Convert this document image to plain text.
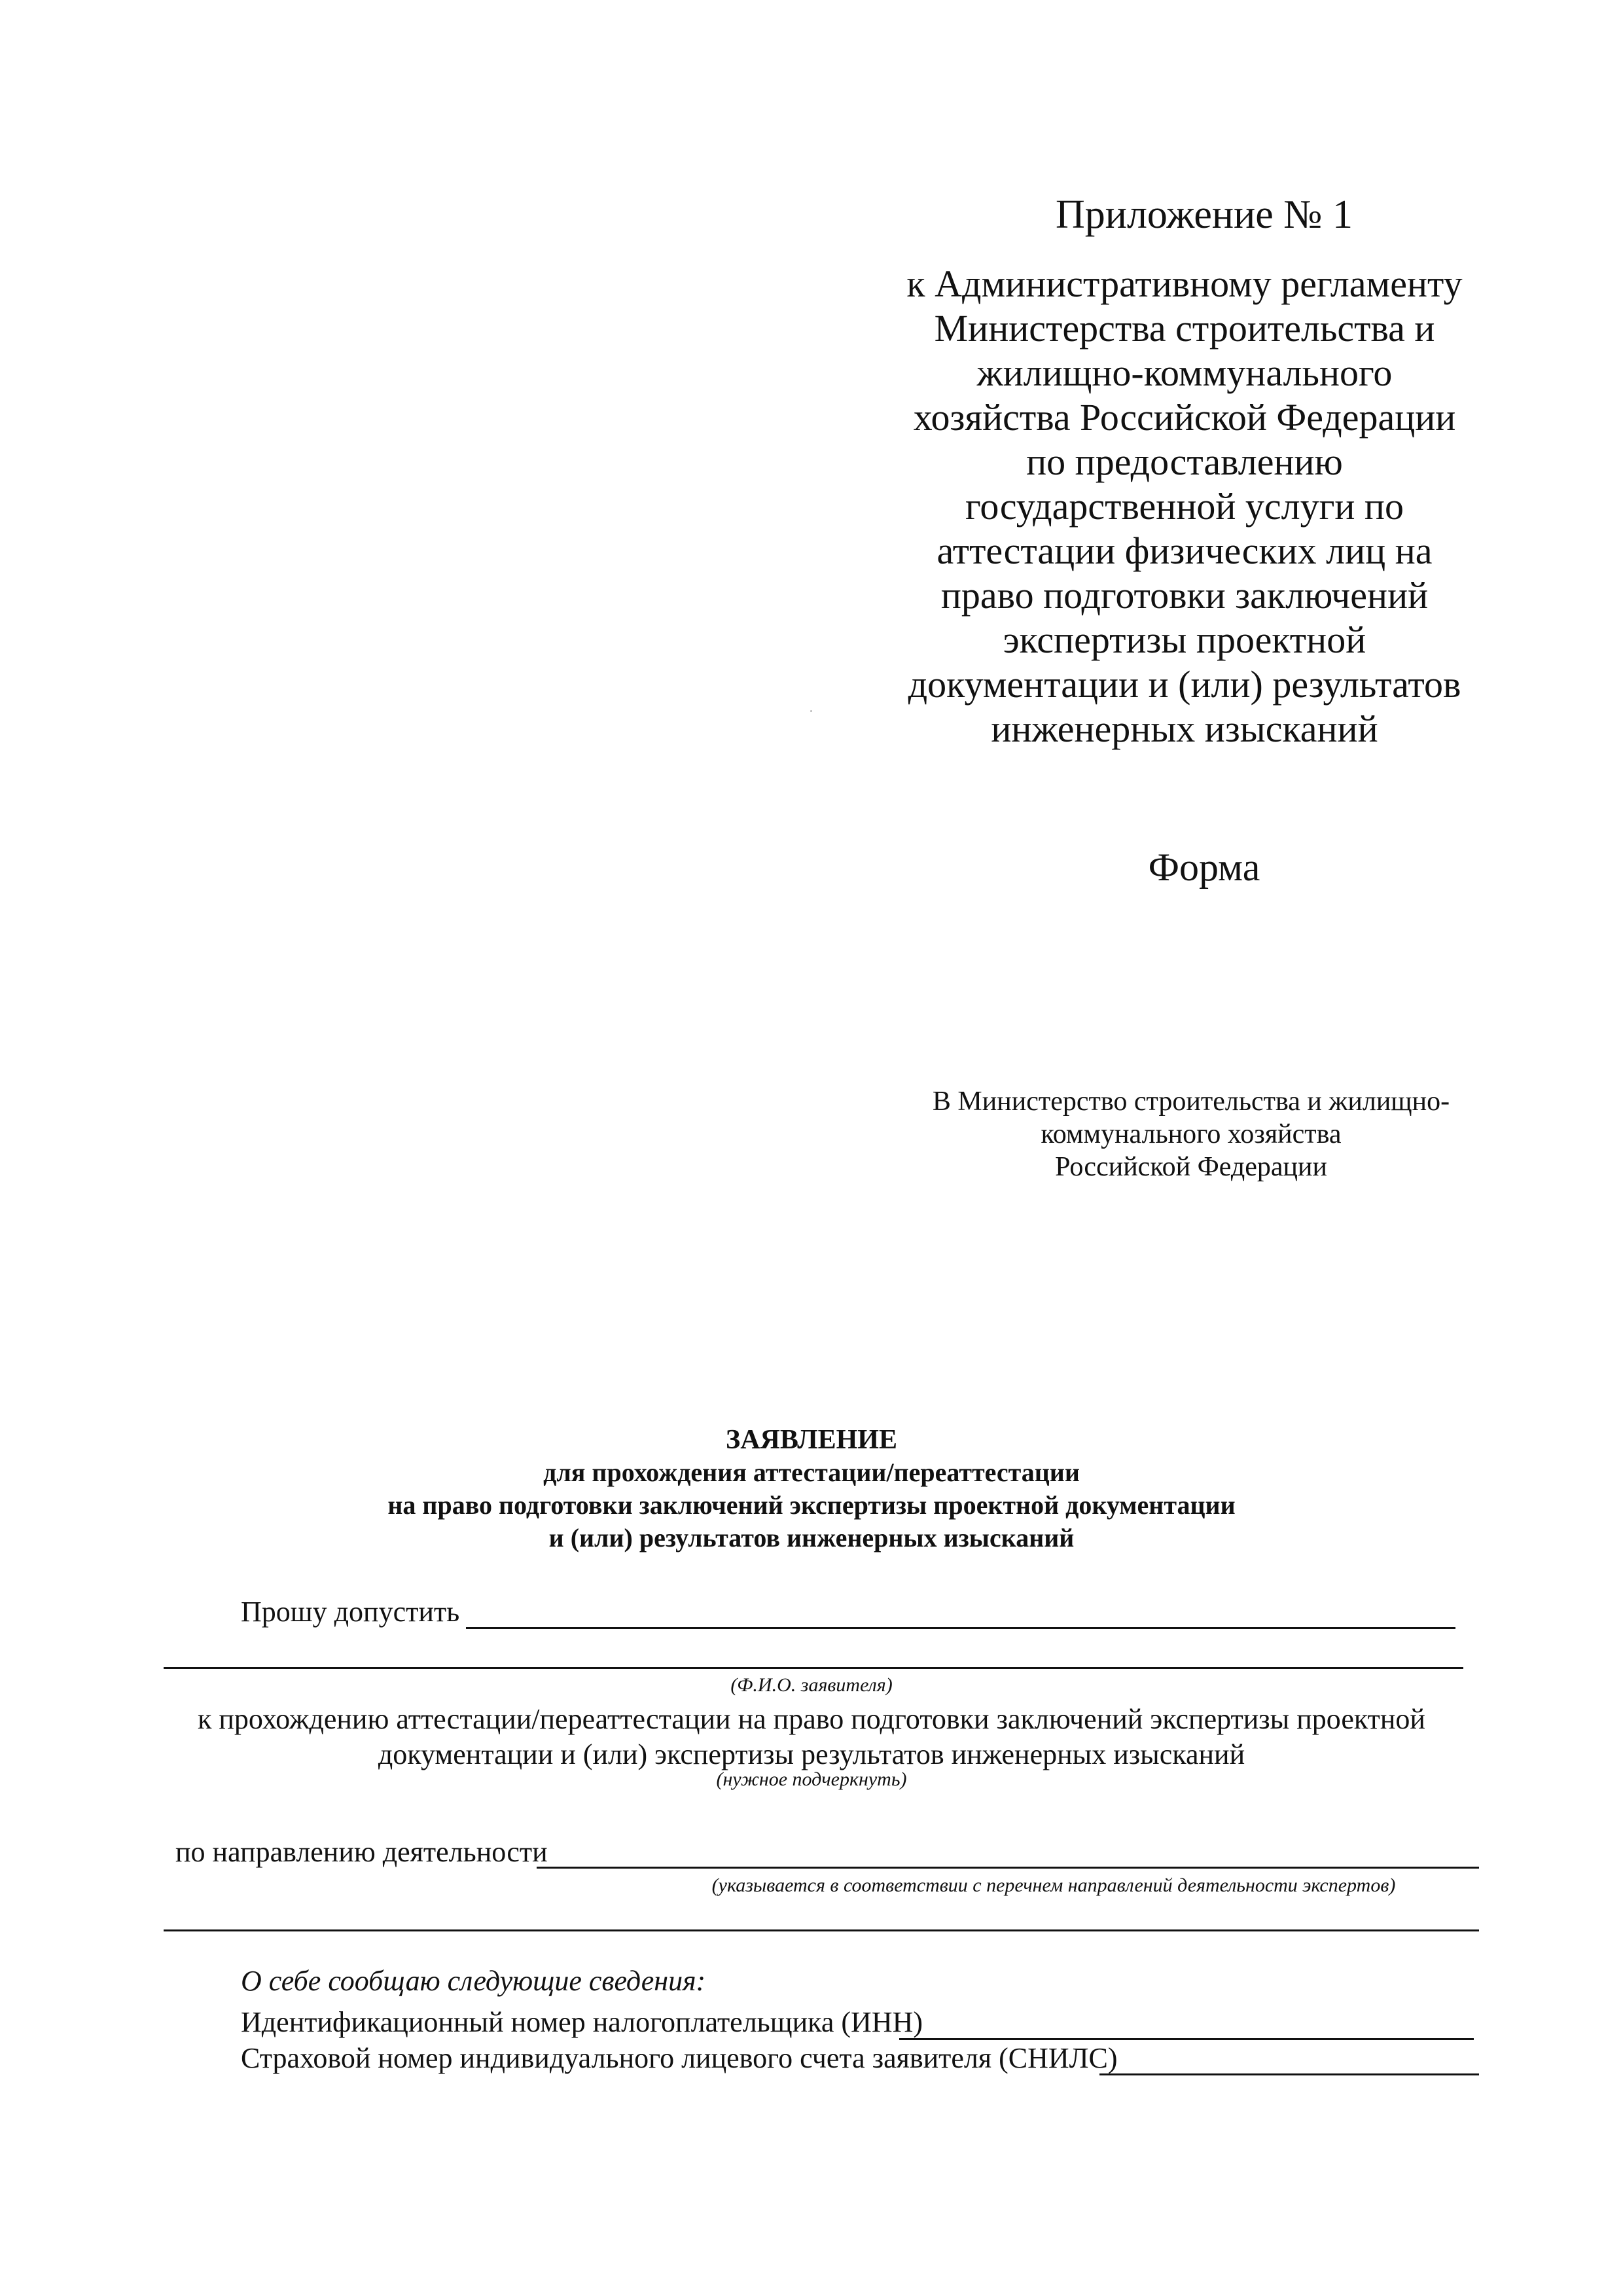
Приложение № 1
к Административному регламенту
Министерства строительства и
жилищно-коммунального
хозяйства Российской Федерации
по предоставлению
государственной услуги по
аттестации физических лиц на
право подготовки заключений
экспертизы проектной
документации и (или) результатов
инженерных изысканий
Форма
В Министерство строительства и жилищно-
коммунального хозяйства
Российской Федерации
ЗАЯВЛЕНИЕ
для прохождения аттестации/переаттестации
на право подготовки заключений экспертизы проектной документации
и (или) результатов инженерных изысканий
Прошу допустить
(Ф.И.О. заявителя)
к прохождению аттестации/переаттестации на право подготовки заключений экспертизы проектной
документации и (или) экспертизы результатов инженерных изысканий
(нужное подчеркнуть)
по направлению деятельности
(указывается в соответствии с перечнем направлений деятельности экспертов)
О себе сообщаю следующие сведения:
Идентификационный номер налогоплательщика (ИНН)
Страховой номер индивидуального лицевого счета заявителя (СНИЛС)
